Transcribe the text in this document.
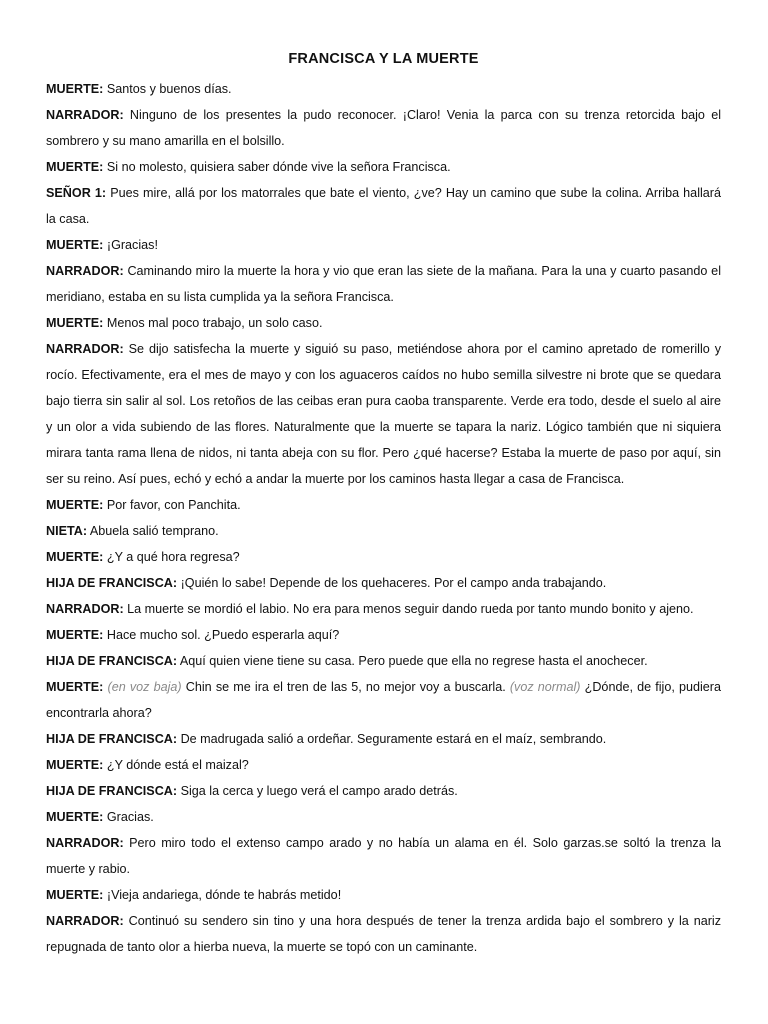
FRANCISCA Y LA MUERTE

MUERTE: Santos y buenos días.

NARRADOR: Ninguno de los presentes la pudo reconocer. ¡Claro! Venia la parca con su trenza retorcida bajo el sombrero y su mano amarilla en el bolsillo.

MUERTE: Si no molesto, quisiera saber dónde vive la señora Francisca.

SEÑOR 1: Pues mire, allá por los matorrales que bate el viento, ¿ve? Hay un camino que sube la colina. Arriba hallará la casa.

MUERTE: ¡Gracias!

NARRADOR: Caminando miro la muerte la hora y vio que eran las siete de la mañana. Para la una y cuarto pasando el meridiano, estaba en su lista cumplida ya la señora Francisca.

MUERTE: Menos mal poco trabajo, un solo caso.

NARRADOR: Se dijo satisfecha la muerte y siguió su paso, metiéndose ahora por el camino apretado de romerillo y rocío. Efectivamente, era el mes de mayo y con los aguaceros caídos no hubo semilla silvestre ni brote que se quedara bajo tierra sin salir al sol. Los retoños de las ceibas eran pura caoba transparente. Verde era todo, desde el suelo al aire y un olor a vida subiendo de las flores. Naturalmente que la muerte se tapara la nariz. Lógico también que ni siquiera mirara tanta rama llena de nidos, ni tanta abeja con su flor. Pero ¿qué hacerse? Estaba la muerte de paso por aquí, sin ser su reino. Así pues, echó y echó a andar la muerte por los caminos hasta llegar a casa de Francisca.

MUERTE: Por favor, con Panchita.

NIETA: Abuela salió temprano.

MUERTE: ¿Y a qué hora regresa?

HIJA DE FRANCISCA: ¡Quién lo sabe! Depende de los quehaceres. Por el campo anda trabajando.

NARRADOR: La muerte se mordió el labio. No era para menos seguir dando rueda por tanto mundo bonito y ajeno.

MUERTE: Hace mucho sol. ¿Puedo esperarla aquí?

HIJA DE FRANCISCA: Aquí quien viene tiene su casa. Pero puede que ella no regrese hasta el anochecer.

MUERTE: (en voz baja) Chin se me ira el tren de las 5, no mejor voy a buscarla. (voz normal) ¿Dónde, de fijo, pudiera encontrarla ahora?

HIJA DE FRANCISCA: De madrugada salió a ordeñar. Seguramente estará en el maíz, sembrando.

MUERTE: ¿Y dónde está el maizal?

HIJA DE FRANCISCA: Siga la cerca y luego verá el campo arado detrás.

MUERTE: Gracias.

NARRADOR: Pero miro todo el extenso campo arado y no había un alama en él. Solo garzas.se soltó la trenza la muerte y rabio.

MUERTE: ¡Vieja andariega, dónde te habrás metido!

NARRADOR: Continuó su sendero sin tino y una hora después de tener la trenza ardida bajo el sombrero y la nariz repugnada de tanto olor a hierba nueva, la muerte se topó con un caminante.
